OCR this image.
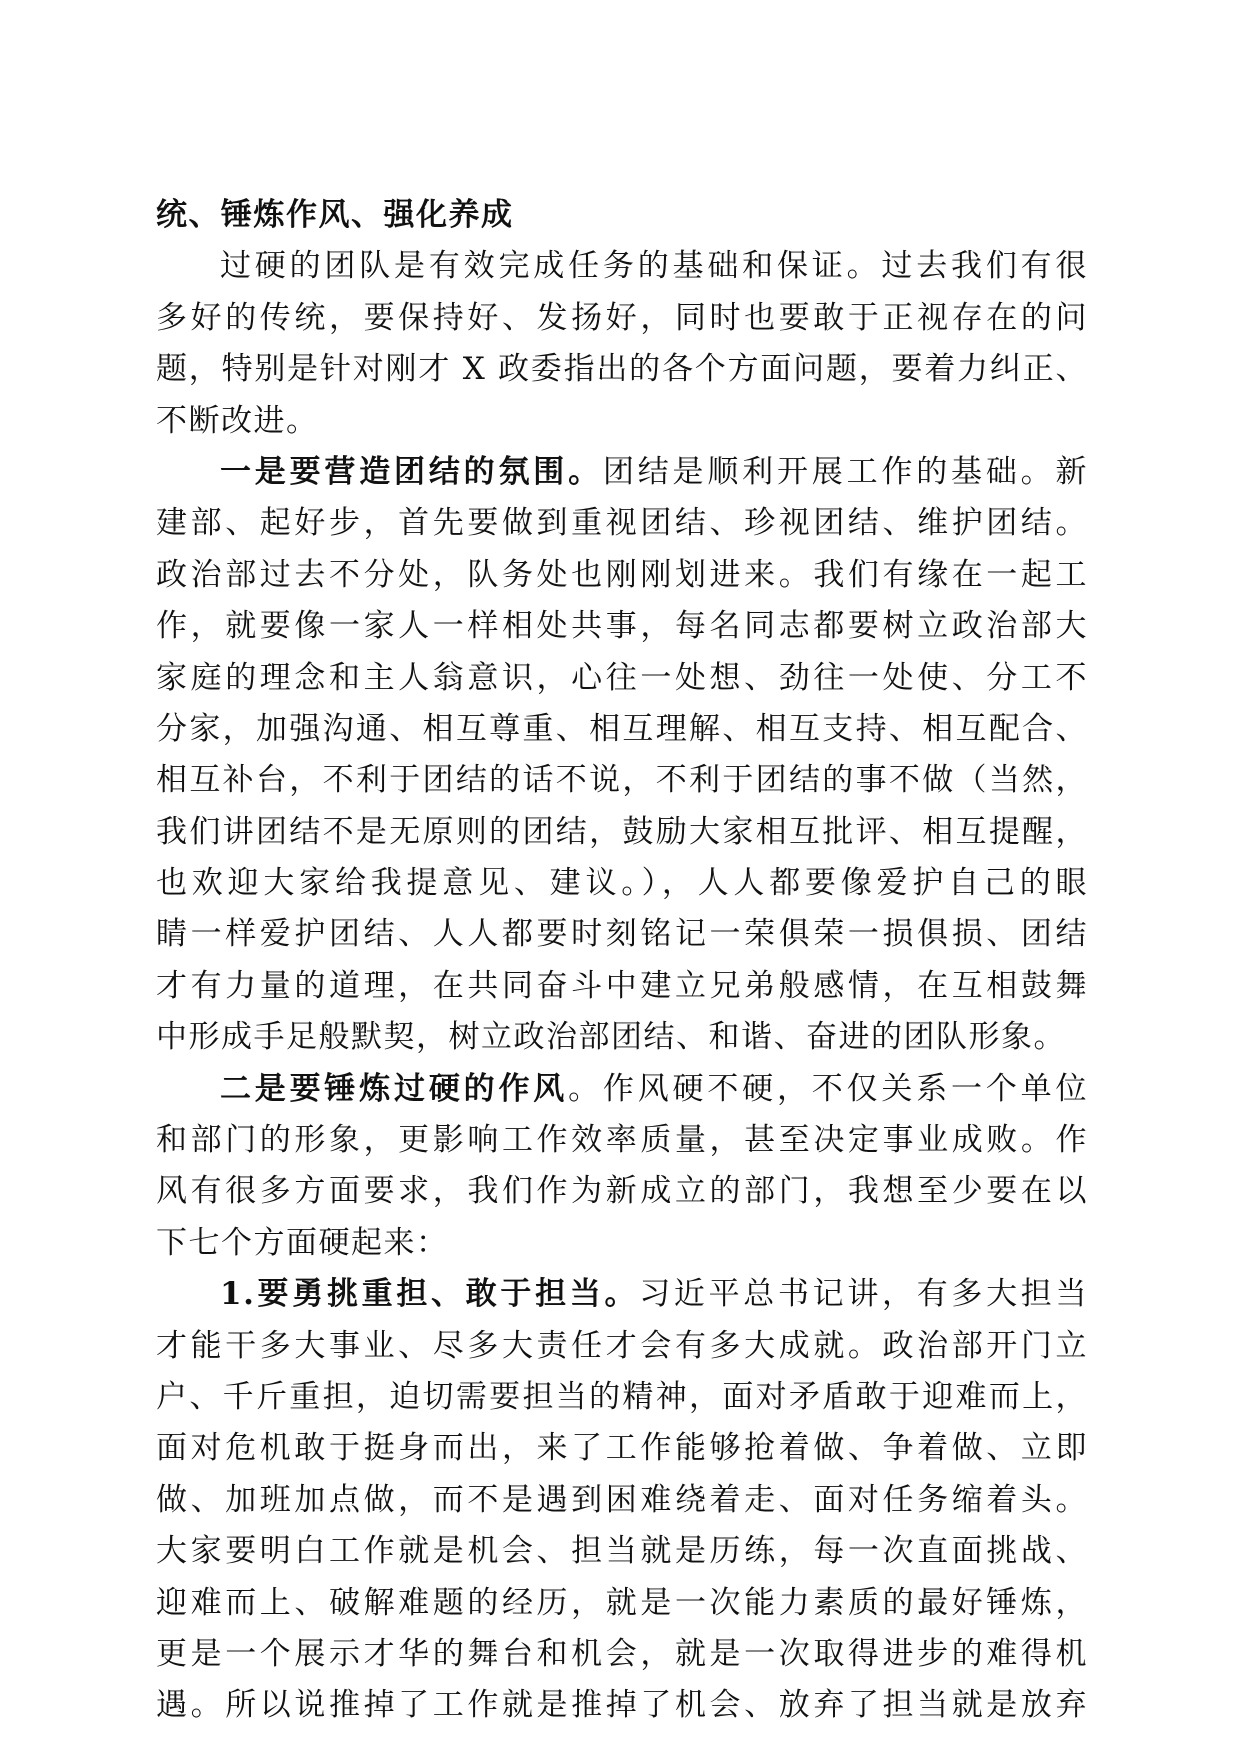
统、锤炼作风、强化养成
过硬的团队是有效完成任务的基础和保证。过去我们有很
多好的传统，要保持好、发扬好，同时也要敢于正视存在的问
题，特别是针对刚才 X 政委指出的各个方面问题，要着力纠正、
不断改进。
一是要营造团结的氛围。团结是顺利开展工作的基础。新
建部、起好步，首先要做到重视团结、珍视团结、维护团结。
政治部过去不分处，队务处也刚刚划进来。我们有缘在一起工
作，就要像一家人一样相处共事，每名同志都要树立政治部大
家庭的理念和主人翁意识，心往一处想、劲往一处使、分工不
分家，加强沟通、相互尊重、相互理解、相互支持、相互配合、
相互补台，不利于团结的话不说，不利于团结的事不做（当然，
我们讲团结不是无原则的团结，鼓励大家相互批评、相互提醒，
也欢迎大家给我提意见、建议。），人人都要像爱护自己的眼
睛一样爱护团结、人人都要时刻铭记一荣俱荣一损俱损、团结
才有力量的道理，在共同奋斗中建立兄弟般感情，在互相鼓舞
中形成手足般默契，树立政治部团结、和谐、奋进的团队形象。
二是要锤炼过硬的作风。作风硬不硬，不仅关系一个单位
和部门的形象，更影响工作效率质量，甚至决定事业成败。作
风有很多方面要求，我们作为新成立的部门，我想至少要在以
下七个方面硬起来：
1.要勇挑重担、敢于担当。习近平总书记讲，有多大担当
才能干多大事业、尽多大责任才会有多大成就。政治部开门立
户、千斤重担，迫切需要担当的精神，面对矛盾敢于迎难而上，
面对危机敢于挺身而出，来了工作能够抢着做、争着做、立即
做、加班加点做，而不是遇到困难绕着走、面对任务缩着头。
大家要明白工作就是机会、担当就是历练，每一次直面挑战、
迎难而上、破解难题的经历，就是一次能力素质的最好锤炼，
更是一个展示才华的舞台和机会，就是一次取得进步的难得机
遇。所以说推掉了工作就是推掉了机会、放弃了担当就是放弃
